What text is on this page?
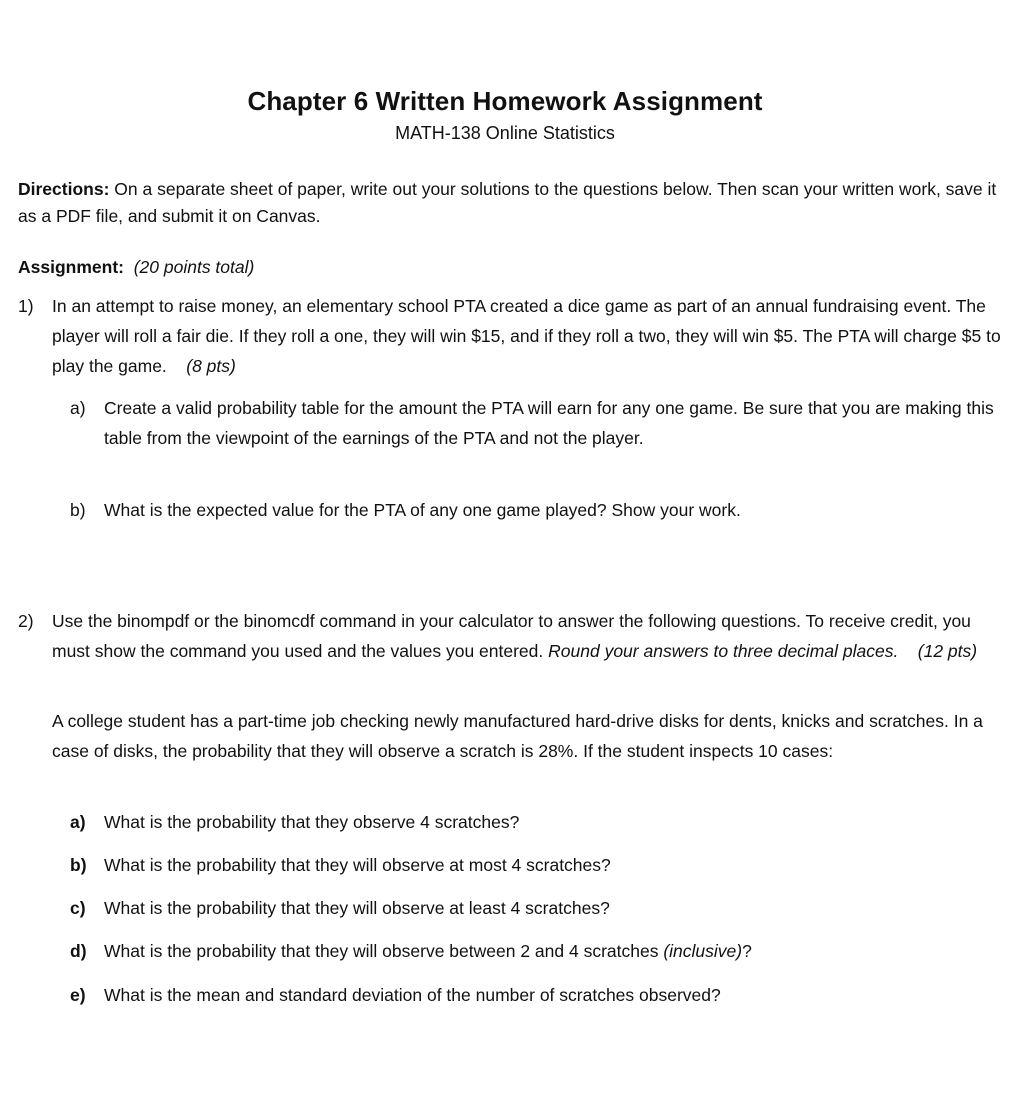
Chapter 6 Written Homework Assignment
MATH-138 Online Statistics
Directions: On a separate sheet of paper, write out your solutions to the questions below. Then scan your written work, save it as a PDF file, and submit it on Canvas.
Assignment: (20 points total)
1) In an attempt to raise money, an elementary school PTA created a dice game as part of an annual fundraising event. The player will roll a fair die. If they roll a one, they will win $15, and if they roll a two, they will win $5. The PTA will charge $5 to play the game. (8 pts)
a) Create a valid probability table for the amount the PTA will earn for any one game. Be sure that you are making this table from the viewpoint of the earnings of the PTA and not the player.
b) What is the expected value for the PTA of any one game played? Show your work.
2) Use the binompdf or the binomcdf command in your calculator to answer the following questions. To receive credit, you must show the command you used and the values you entered. Round your answers to three decimal places. (12 pts)
A college student has a part-time job checking newly manufactured hard-drive disks for dents, knicks and scratches. In a case of disks, the probability that they will observe a scratch is 28%. If the student inspects 10 cases:
a) What is the probability that they observe 4 scratches?
b) What is the probability that they will observe at most 4 scratches?
c) What is the probability that they will observe at least 4 scratches?
d) What is the probability that they will observe between 2 and 4 scratches (inclusive)?
e) What is the mean and standard deviation of the number of scratches observed?
